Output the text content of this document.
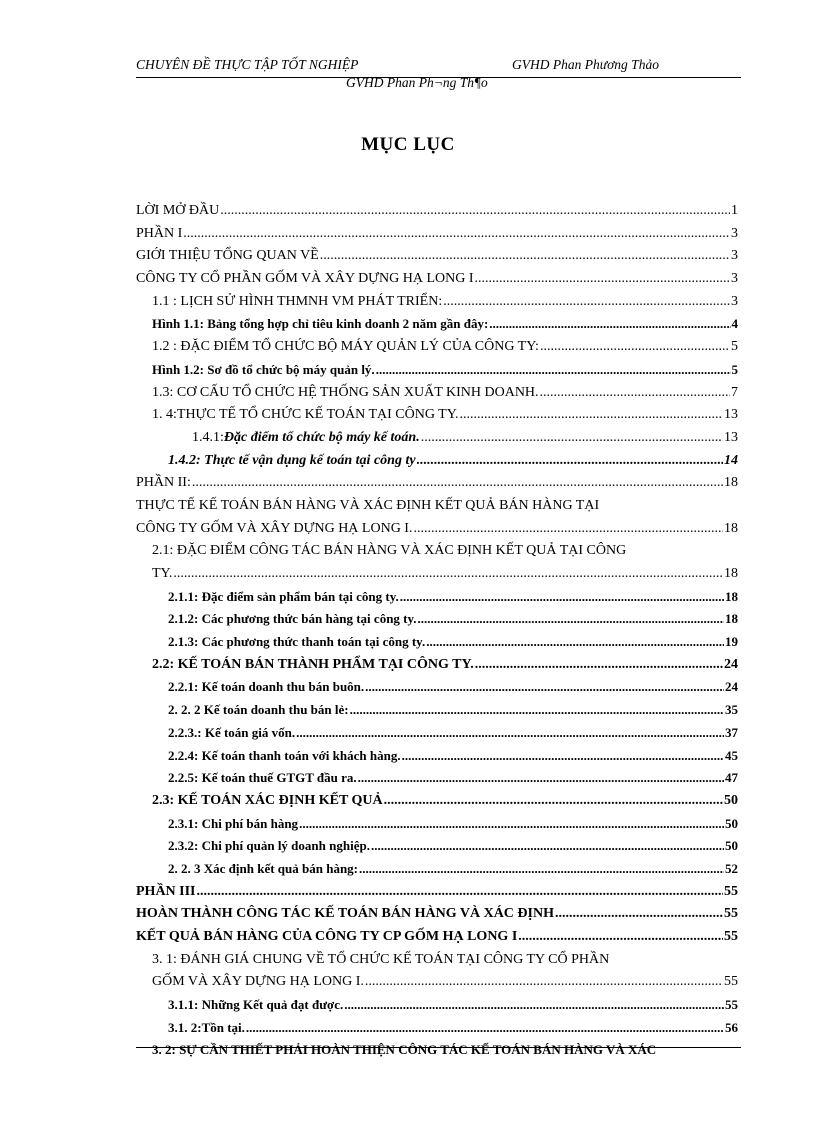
CHUYÊN ĐỀ THỰC TẬP TỐT NGHIỆP	GVHD Phan Phương Thảo
GVHD Phan Ph¬ng Th¶o
MỤC LỤC
LỜI MỞ ĐẦU .....	1
PHẦN I .....	3
GIỚI THIỆU TỔNG QUAN VỀ .....	3
CÔNG TY CỔ PHẦN GỐM VÀ XÂY DỰNG HẠ LONG I .....	3
1.1 : LỊCH SỬ HÌNH THMNH VM PHÁT TRIỂN: .....	3
Hình 1.1: Bảng tổng hợp chỉ tiêu kinh doanh 2 năm gần đây: .....	4
1.2 : ĐẶC ĐIỂM TỔ CHỨC BỘ MÁY QUẢN LÝ CỦA CÔNG TY: .....	5
Hình 1.2: Sơ đồ tổ chức bộ máy quản lý. .....	5
1.3: CƠ CẤU TỔ CHỨC HỆ THỐNG SẢN XUẤT KINH DOANH. .....	7
1. 4:THỰC TẾ TỔ CHỨC KẾ TOÁN TẠI CÔNG TY. .....	13
1.4.1: Đặc điểm tổ chức bộ máy kế toán. .....	13
1.4.2: Thực tế vận dụng kế toán tại công ty .....	14
PHẦN II: .....	18
THỰC TẾ KẾ TOÁN BÁN HÀNG VÀ XÁC ĐỊNH KẾT QUẢ BÁN HÀNG TẠI
CÔNG TY GỐM VÀ XÂY DỰNG HẠ LONG I. .....	18
2.1: ĐẶC ĐIỂM CÔNG TÁC BÁN HÀNG VÀ XÁC ĐỊNH KẾT QUẢ TẠI CÔNG
TY. .....	18
2.1.1: Đặc điểm sản phẩm bán tại công ty. .....	18
2.1.2: Các phương thức bán hàng tại công ty. .....	18
2.1.3: Các phương thức thanh toán tại công ty. .....	19
2.2: KẾ TOÁN BÁN THÀNH PHẨM TẠI CÔNG TY. .....	24
2.2.1: Kế toán doanh thu bán buôn. .....	24
2. 2. 2 Kế toán doanh thu bán lẻ: .....	35
2.2.3.: Kế toán giá vốn. .....	37
2.2.4: Kế toán thanh toán với khách hàng. .....	45
2.2.5: Kế toán thuế GTGT đầu ra. .....	47
2.3: KẾ TOÁN XÁC ĐỊNH KẾT QUẢ .....	50
2.3.1: Chi phí bán hàng .....	50
2.3.2: Chi phí quản lý doanh nghiệp. .....	50
2. 2. 3 Xác định kết quả bán hàng: .....	52
PHẦN III .....	55
HOÀN THÀNH CÔNG TÁC KẾ TOÁN BÁN HÀNG VÀ XÁC ĐỊNH .....	55
KẾT QUẢ BÁN HÀNG CỦA CÔNG TY CP GỐM HẠ LONG I .....	55
3. 1: ĐÁNH GIÁ CHUNG VỀ TỔ CHỨC KẾ TOÁN TẠI CÔNG TY CỔ PHẦN
GỐM VÀ XÂY DỰNG HẠ LONG I. .....	55
3.1.1: Những Kết quả đạt được. .....	55
3.1. 2:Tồn tại. .....	56
3. 2: SỰ CẦN THIẾT PHẢI HOÀN THIỆN CÔNG TÁC KẾ TOÁN BÁN HÀNG VÀ XÁC
